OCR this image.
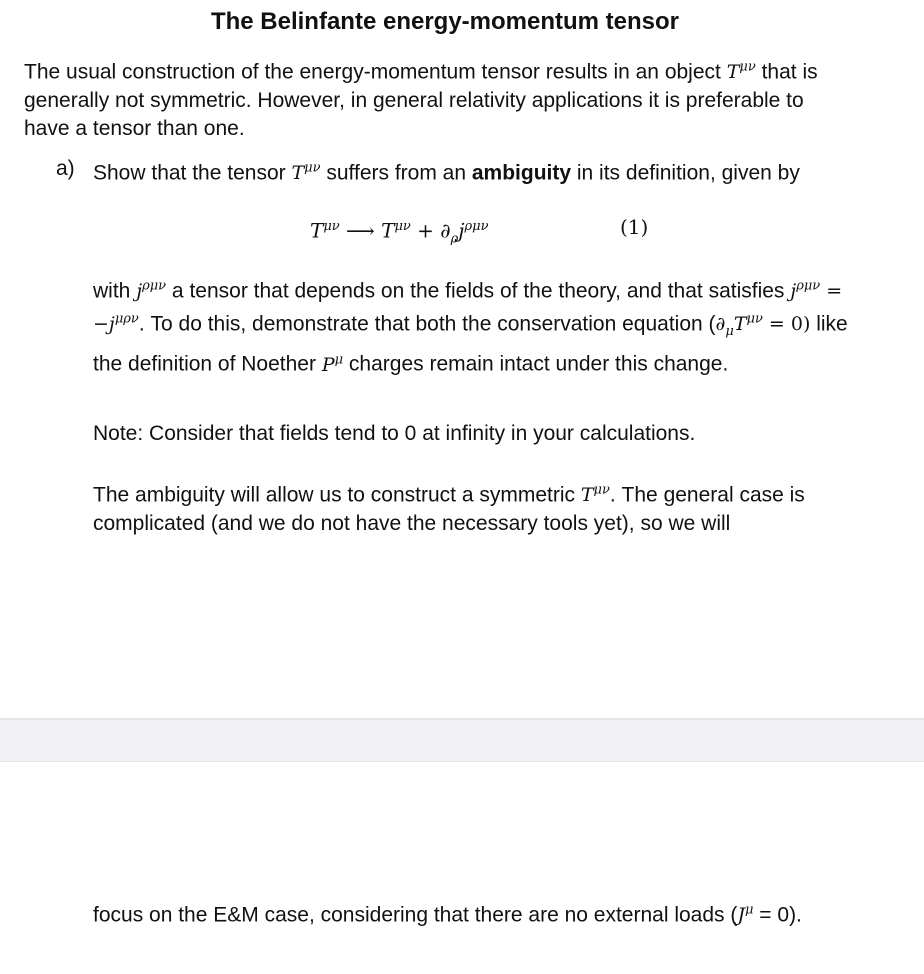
The Belinfante energy-momentum tensor

The usual construction of the energy-momentum tensor results in an object $T^{\mu\nu}$ that is generally not symmetric. However, in general relativity applications it is preferable to have a tensor than one.

a) Show that the tensor $T^{\mu\nu}$ suffers from an ambiguity in its definition, given by

$T^{\mu\nu}$ ⟶ $T^{\mu\nu} + \partial_\rho j^{\rho\mu\nu}$	(1)

with $j^{\rho\mu\nu}$ a tensor that depends on the fields of the theory, and that satisfies $j^{\rho\mu\nu} = -j^{\mu\rho\nu}$. To do this, demonstrate that both the conservation equation $(\partial_\mu T^{\mu\nu} = 0)$ like the definition of Noether $P^\mu$ charges remain intact under this change.

Note: Consider that fields tend to 0 at infinity in your calculations.

The ambiguity will allow us to construct a symmetric $T^{\mu\nu}$. The general case is complicated (and we do not have the necessary tools yet), so we will

focus on the E&M case, considering that there are no external loads $(J^\mu = 0)$.
